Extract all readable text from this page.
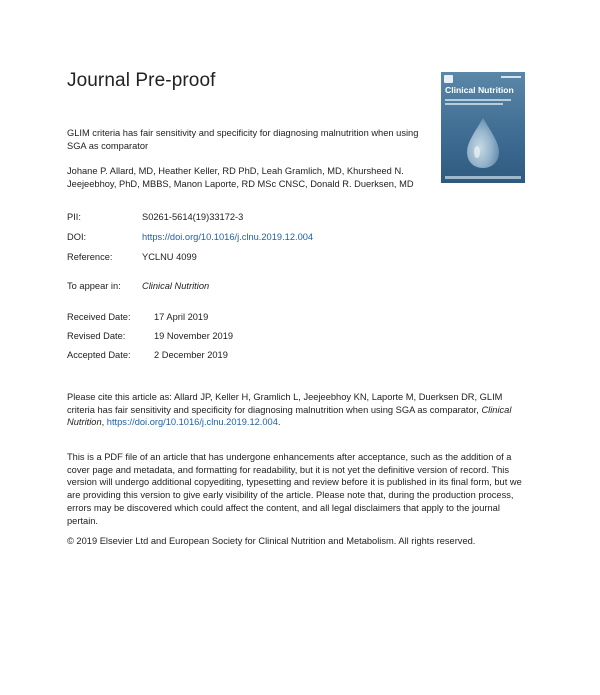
Journal Pre-proof	Clinical Nutrition
GLIM criteria has fair sensitivity and specificity for diagnosing malnutrition when using SGA as comparator
Johane P. Allard, MD, Heather Keller, RD PhD, Leah Gramlich, MD, Khursheed N. Jeejeebhoy, PhD, MBBS, Manon Laporte, RD MSc CNSC, Donald R. Duerksen, MD
PII:	S0261-5614(19)33172-3
DOI:	https://doi.org/10.1016/j.clnu.2019.12.004
Reference:	YCLNU 4099
To appear in: Clinical Nutrition
Received Date:	17 April 2019
Revised Date:	19 November 2019
Accepted Date:	2 December 2019
Please cite this article as: Allard JP, Keller H, Gramlich L, Jeejeebhoy KN, Laporte M, Duerksen DR, GLIM criteria has fair sensitivity and specificity for diagnosing malnutrition when using SGA as comparator, Clinical Nutrition, https://doi.org/10.1016/j.clnu.2019.12.004.
This is a PDF file of an article that has undergone enhancements after acceptance, such as the addition of a cover page and metadata, and formatting for readability, but it is not yet the definitive version of record. This version will undergo additional copyediting, typesetting and review before it is published in its final form, but we are providing this version to give early visibility of the article. Please note that, during the production process, errors may be discovered which could affect the content, and all legal disclaimers that apply to the journal pertain.
© 2019 Elsevier Ltd and European Society for Clinical Nutrition and Metabolism. All rights reserved.
